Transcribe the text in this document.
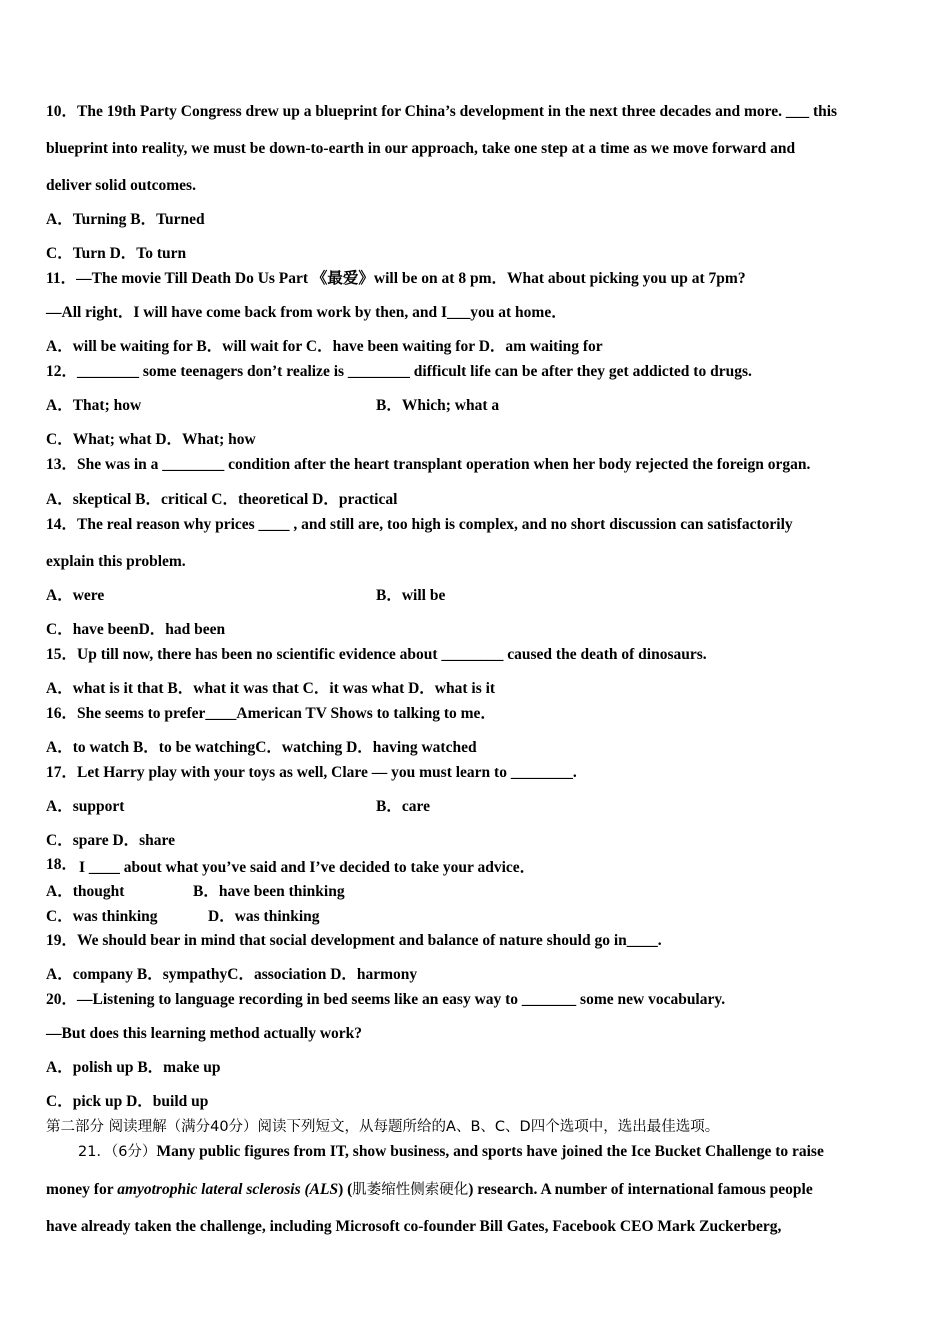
10．The 19th Party Congress drew up a blueprint for China’s development in the next three decades and more. ___ this
blueprint into reality, we must be down-to-earth in our approach, take one step at a time as we move forward and
deliver solid outcomes.
A．Turning B．Turned
C．Turn D．To turn
11．—The movie Till Death Do Us Part 《最爱》will be on at 8 pm．What about picking you up at 7pm?
—All right．I will have come back from work by then, and I___you at home．
A．will be waiting for B．will wait for C．have been waiting for D．am waiting for
12．________ some teenagers don’t realize is ________ difficult life can be after they get addicted to drugs.
A．That; how	B．Which; what a
C．What; what D．What; how
13．She was in a ________ condition after the heart transplant operation when her body rejected the foreign organ.
A．skeptical B．critical C．theoretical D．practical
14．The real reason why prices ____ , and still are, too high is complex, and no short discussion can satisfactorily
explain this problem.
A．were	B．will be
C．have beenD．had been
15．Up till now, there has been no scientific evidence about ________ caused the death of dinosaurs.
A．what is it that B．what it was that C．it was what D．what is it
16．She seems to prefer____American TV Shows to talking to me．
A．to watch B．to be watchingC．watching D．having watched
17．Let Harry play with your toys as well, Clare — you must learn to ________.
A．support	B．care
C．spare D．share
18． I ____ about what you’ve said and I’ve decided to take your advice．
A．thought	B．have been thinking
C．was thinking	D．was thinking
19．We should bear in mind that social development and balance of nature should go in____.
A．company B．sympathyC．association D．harmony
20．—Listening to language recording in bed seems like an easy way to _______ some new vocabulary.
—But does this learning method actually work?
A．polish up B．make up
C．pick up D．build up
第二部分 阅读理解（满分40分）阅读下列短文，从每题所给的A、B、C、D四个选项中，选出最佳选项。
21．（6分）Many public figures from IT, show business, and sports have joined the Ice Bucket Challenge to raise
money for amyotrophic lateral sclerosis (ALS) (肌萎缩性侧索硬化) research. A number of international famous people
have already taken the challenge, including Microsoft co-founder Bill Gates, Facebook CEO Mark Zuckerberg,
